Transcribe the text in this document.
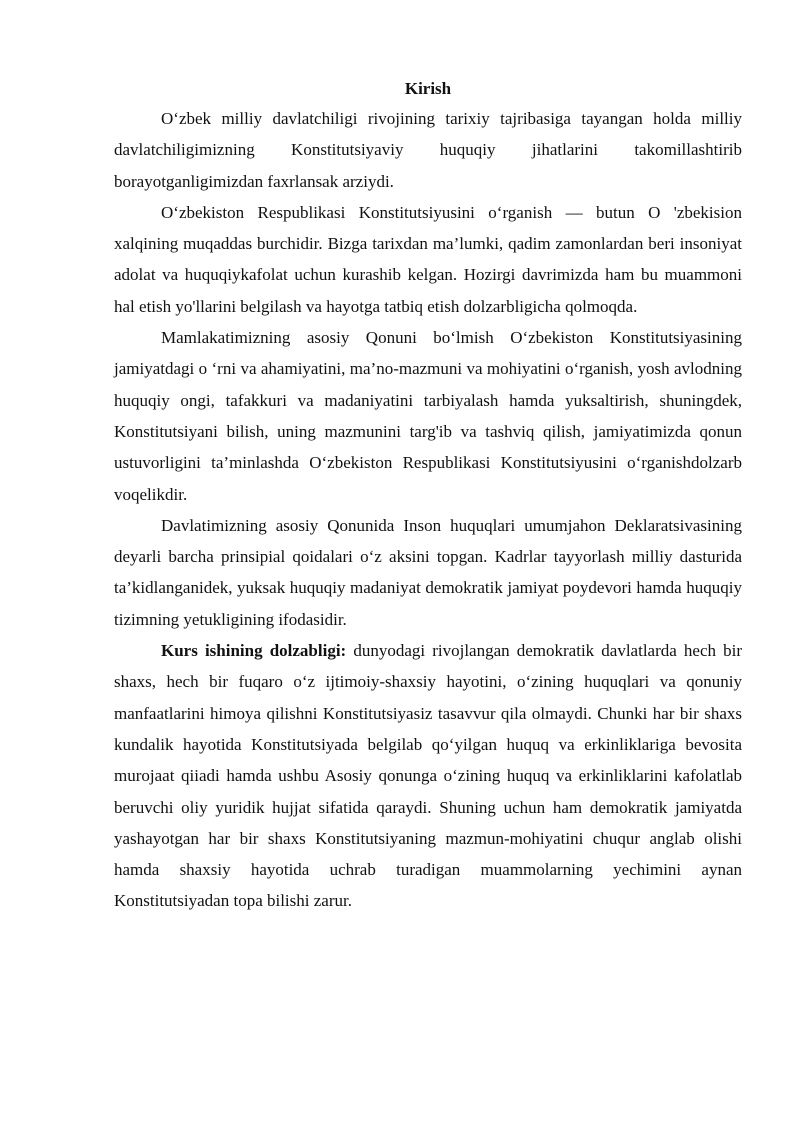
Kirish

O‘zbek milliy davlatchiligi rivojining tarixiy tajribasiga tayangan holda milliy davlatchiligimizning Konstitutsiyaviy huquqiy jihatlarini takomillashtirib borayotganligimizdan faxrlansak arziydi.

O‘zbekiston Respublikasi Konstitutsiyusini o‘rganish — butun O 'zbekision xalqining muqaddas burchidir. Bizga tarixdan ma’lumki, qadim zamonlardan beri insoniyat adolat va huquqiykafolat uchun kurashib kelgan. Hozirgi davrimizda ham bu muammoni hal etish yo'llarini belgilash va hayotga tatbiq etish dolzarbligicha qolmoqda.

Mamlakatimizning asosiy Qonuni bo‘lmish O‘zbekiston Konstitutsiyasining jamiyatdagi o ‘rni va ahamiyatini, ma’no-mazmuni va mohiyatini o‘rganish, yosh avlodning huquqiy ongi, tafakkuri va madaniyatini tarbiyalash hamda yuksaltirish, shuningdek, Konstitutsiyani bilish, uning mazmunini targ'ib va tashviq qilish, jamiyatimizda qonun ustuvorligini ta’minlashda O‘zbekiston Respublikasi Konstitutsiyusini o‘rganishdolzarb voqelikdir.

Davlatimizning asosiy Qonunida Inson huquqlari umumjahon Deklaratsivasining deyarli barcha prinsipial qoidalari o‘z aksini topgan. Kadrlar tayyorlash milliy dasturida ta’kidlanganidek, yuksak huquqiy madaniyat demokratik jamiyat poydevori hamda huquqiy tizimning yetukligining ifodasidir.

Kurs ishining dolzabligi: dunyodagi rivojlangan demokratik davlatlarda hech bir shaxs, hech bir fuqaro o‘z ijtimoiy-shaxsiy hayotini, o‘zining huquqlari va qonuniy manfaatlarini himoya qilishni Konstitutsiyasiz tasavvur qila olmaydi. Chunki har bir shaxs kundalik hayotida Konstitutsiyada belgilab qo‘yilgan huquq va erkinliklariga bevosita murojaat qiiadi hamda ushbu Asosiy qonunga o‘zining huquq va erkinliklarini kafolatlab beruvchi oliy yuridik hujjat sifatida qaraydi. Shuning uchun ham demokratik jamiyatda yashayotgan har bir shaxs Konstitutsiyaning mazmun-mohiyatini chuqur anglab olishi hamda shaxsiy hayotida uchrab turadigan muammolarning yechimini aynan Konstitutsiyadan topa bilishi zarur.
